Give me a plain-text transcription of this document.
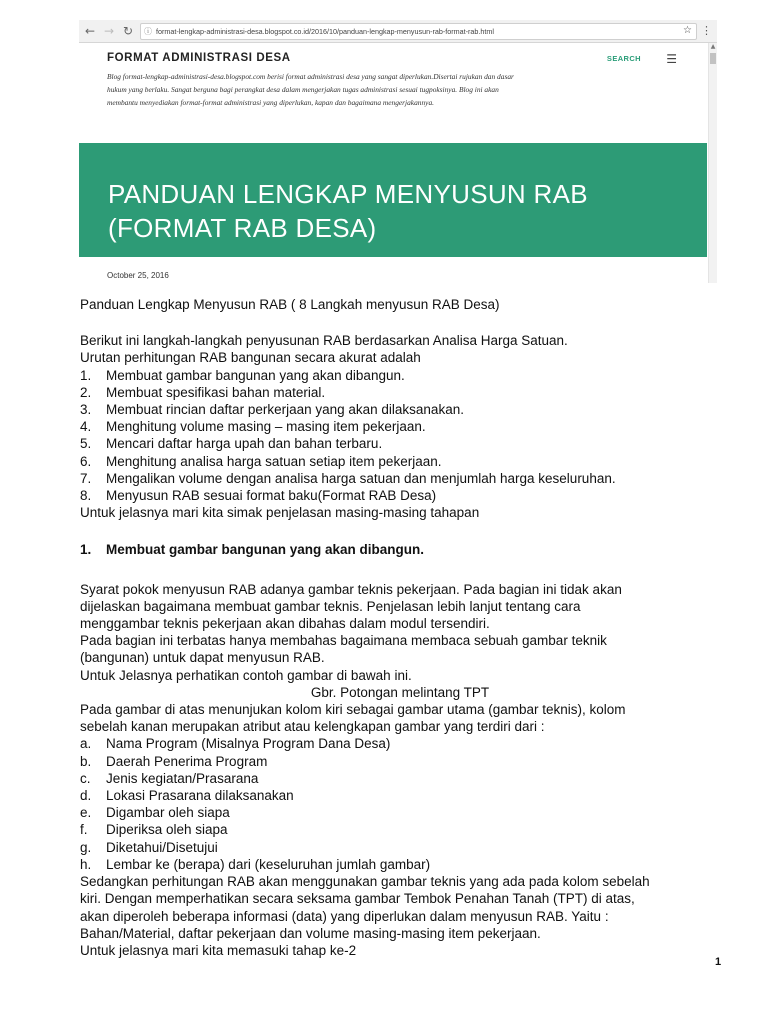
← → ↻	ⓘ format-lengkap-administrasi-desa.blogspot.co.id/2016/10/panduan-lengkap-menyusun-rab-format-rab.html	☆ ⋮
▲
FORMAT ADMINISTRASI DESA	SEARCH ☰
Blog format-lengkap-administrasi-desa.blogspot.com berisi format administrasi desa yang sangat diperlukan.Disertai rujukan dan dasar hukum yang berlaku. Sangat berguna bagi perangkat desa dalam mengerjakan tugas administrasi sesuai tugpoksinya. Blog ini akan membantu menyediakan format-format administrasi yang diperlukan, kapan dan bagaimana mengerjakannya.
PANDUAN LENGKAP MENYUSUN RAB
(FORMAT RAB DESA)
October 25, 2016

Panduan Lengkap Menyusun RAB ( 8 Langkah menyusun RAB Desa)

Berikut ini langkah-langkah penyusunan RAB berdasarkan Analisa Harga Satuan.

Urutan perhitungan RAB bangunan secara akurat adalah

1.	Membuat gambar bangunan yang akan dibangun.
2.	Membuat spesifikasi bahan material.
3.	Membuat rincian daftar perkerjaan yang akan dilaksanakan.
4.	Menghitung volume masing – masing item pekerjaan.
5.	Mencari daftar harga upah dan bahan terbaru.
6.	Menghitung analisa harga satuan setiap item pekerjaan.
7.	Mengalikan volume dengan analisa harga satuan dan menjumlah harga keseluruhan.
8.	Menyusun RAB sesuai format baku(Format RAB Desa)

Untuk jelasnya mari kita simak penjelasan masing-masing tahapan

1.	Membuat gambar bangunan yang akan dibangun.

Syarat pokok menyusun RAB adanya gambar teknis pekerjaan. Pada bagian ini tidak akan

dijelaskan bagaimana membuat gambar teknis. Penjelasan lebih lanjut tentang cara

menggambar teknis pekerjaan akan dibahas dalam modul tersendiri.

Pada bagian ini terbatas hanya membahas bagaimana membaca sebuah gambar teknik

(bangunan) untuk dapat menyusun RAB.

Untuk Jelasnya perhatikan contoh gambar di bawah ini.

Gbr. Potongan melintang TPT

Pada gambar di atas menunjukan kolom kiri sebagai gambar utama (gambar teknis), kolom

sebelah kanan merupakan atribut atau kelengkapan gambar yang terdiri dari :

a.	Nama Program (Misalnya Program Dana Desa)
b.	Daerah Penerima Program
c.	Jenis kegiatan/Prasarana
d.	Lokasi Prasarana dilaksanakan
e.	Digambar oleh siapa
f.	Diperiksa oleh siapa
g.	Diketahui/Disetujui
h.	Lembar ke (berapa) dari (keseluruhan jumlah gambar)

Sedangkan perhitungan RAB akan menggunakan gambar teknis yang ada pada kolom sebelah

kiri. Dengan memperhatikan secara seksama gambar Tembok Penahan Tanah (TPT) di atas,

akan diperoleh beberapa informasi (data) yang diperlukan dalam menyusun RAB. Yaitu :

Bahan/Material, daftar pekerjaan dan volume masing-masing item pekerjaan.

Untuk jelasnya mari kita memasuki tahap ke-2

1
